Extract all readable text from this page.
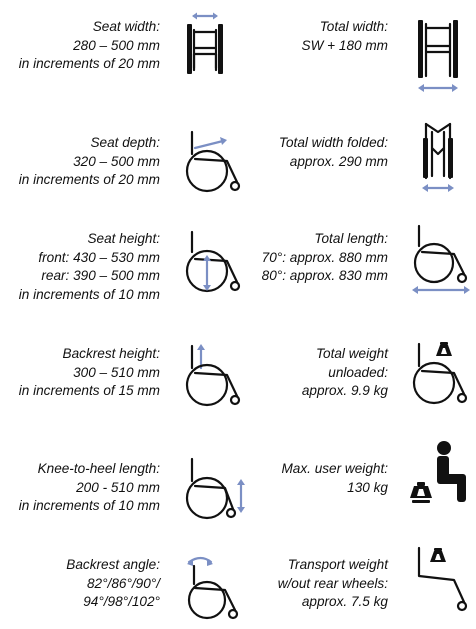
Seat width:
280 – 500 mm
in increments of 20 mm
Seat depth:
320 – 500 mm
in increments of 20 mm
Seat height:
front: 430 – 530 mm
rear: 390 – 500 mm
in increments of 10 mm
Backrest height:
300 – 510 mm
in increments of 15 mm
Knee-to-heel length:
200 - 510 mm
in increments of 10 mm
Backrest angle:
82°/86°/90°/
94°/98°/102°
Total width:
SW + 180 mm
Total width folded:
approx. 290 mm
Total length:
70°: approx. 880 mm
80°: approx. 830 mm
Total weight
unloaded:
approx. 9.9 kg
Max. user weight:
130 kg
Transport weight
w/out rear wheels:
approx. 7.5 kg
